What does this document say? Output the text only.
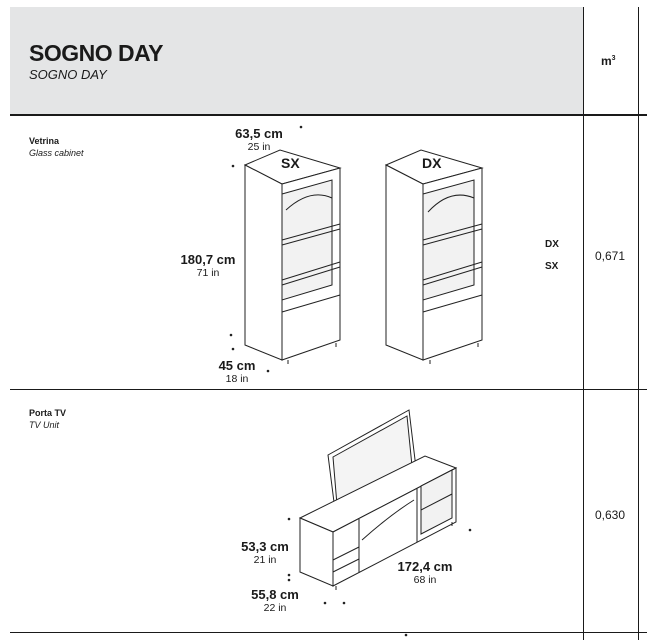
SOGNO DAY
SOGNO DAY
$m^3$
Vetrina
Glass cabinet
SX	DX
63,5 cm
25 in
180,7 cm
71 in
45 cm
18 in
DX
SX
0,671
Porta TV
TV Unit
53,3 cm
21 in
55,8 cm
22 in
172,4 cm
68 in
0,630
